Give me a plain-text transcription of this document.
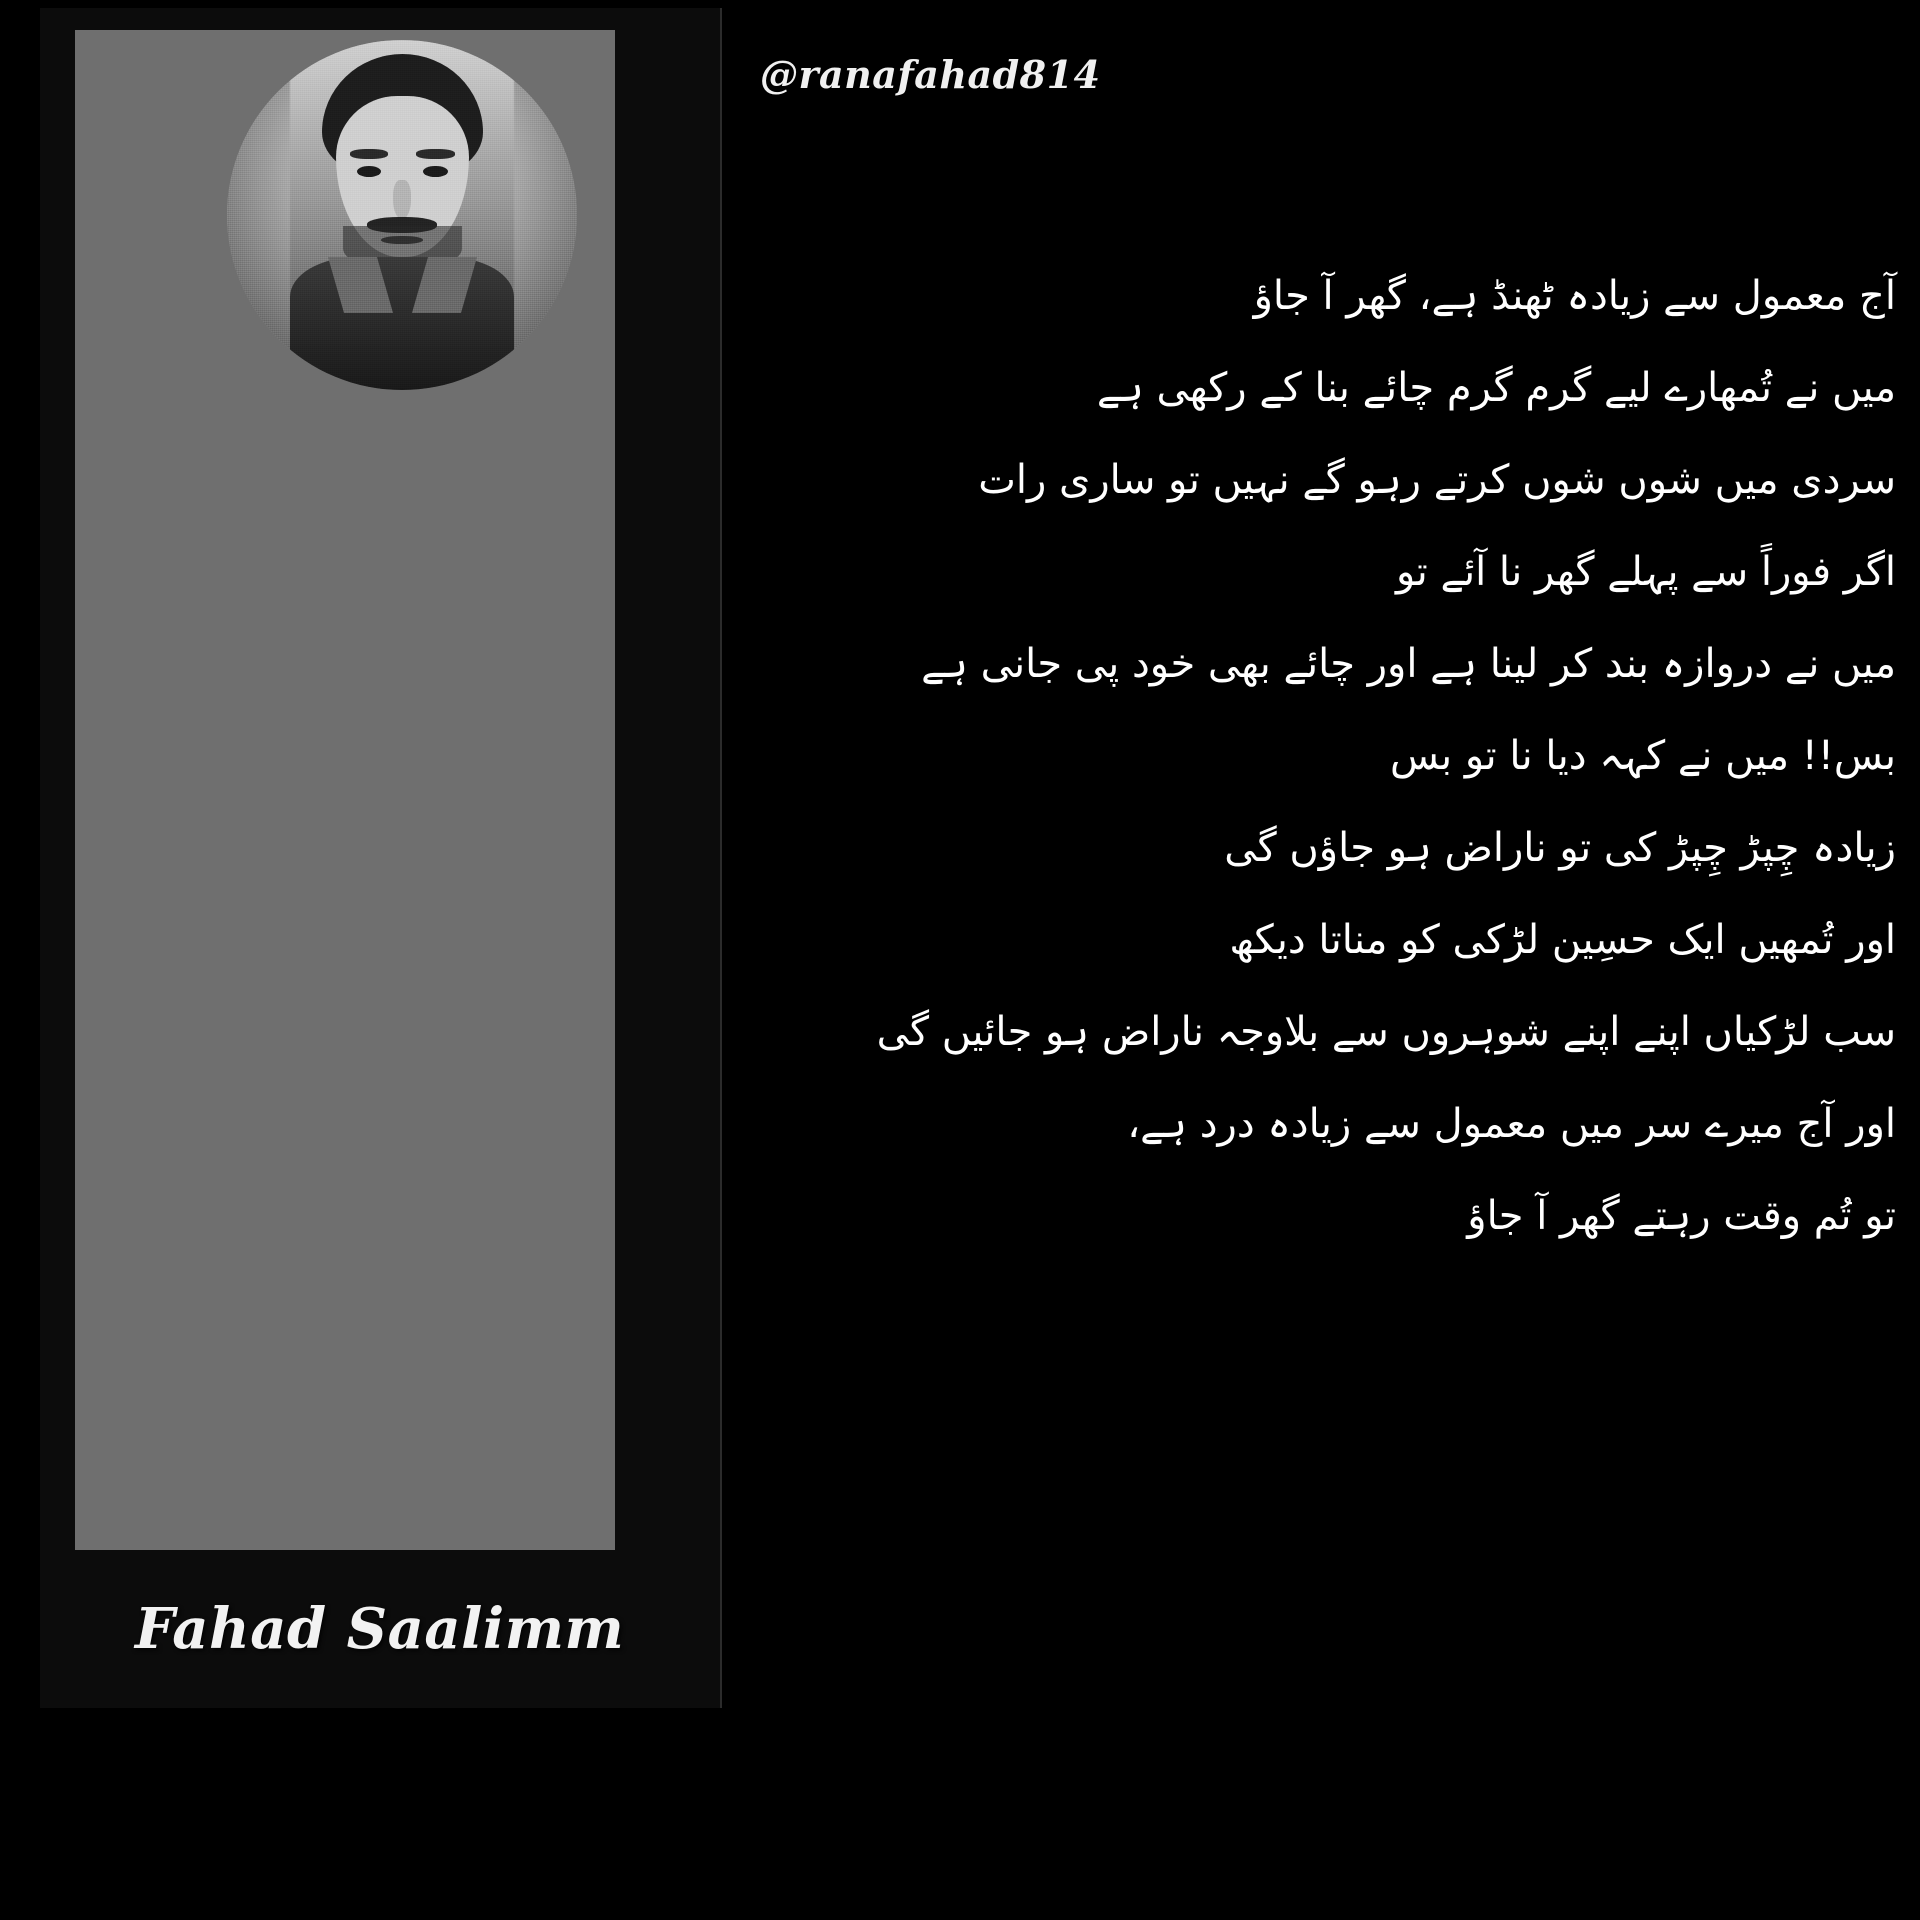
Fahad Saalimm
@ranafahad814
آج معمول سے زیادہ ٹھنڈ ہے، گھر آ جاؤ
میں نے تُمھارے لیے گرم گرم چائے بنا کے رکھی ہے
سردی میں شوں شوں کرتے رہو گے نہیں تو ساری رات
اگر فوراً سے پہلے گھر نا آئے تو
میں نے دروازہ بند کر لینا ہے اور چائے بھی خود پی جانی ہے
بس!! میں نے کہہ دیا نا تو بس
زیادہ چِپڑ چِپڑ کی تو ناراض ہو جاؤں گی
اور تُمھیں ایک حسِین لڑکی کو مناتا دیکھ
سب لڑکیاں اپنے اپنے شوہروں سے بلاوجہ ناراض ہو جائیں گی
اور آج میرے سر میں معمول سے زیادہ درد ہے،
تو تُم وقت رہتے گھر آ جاؤ
